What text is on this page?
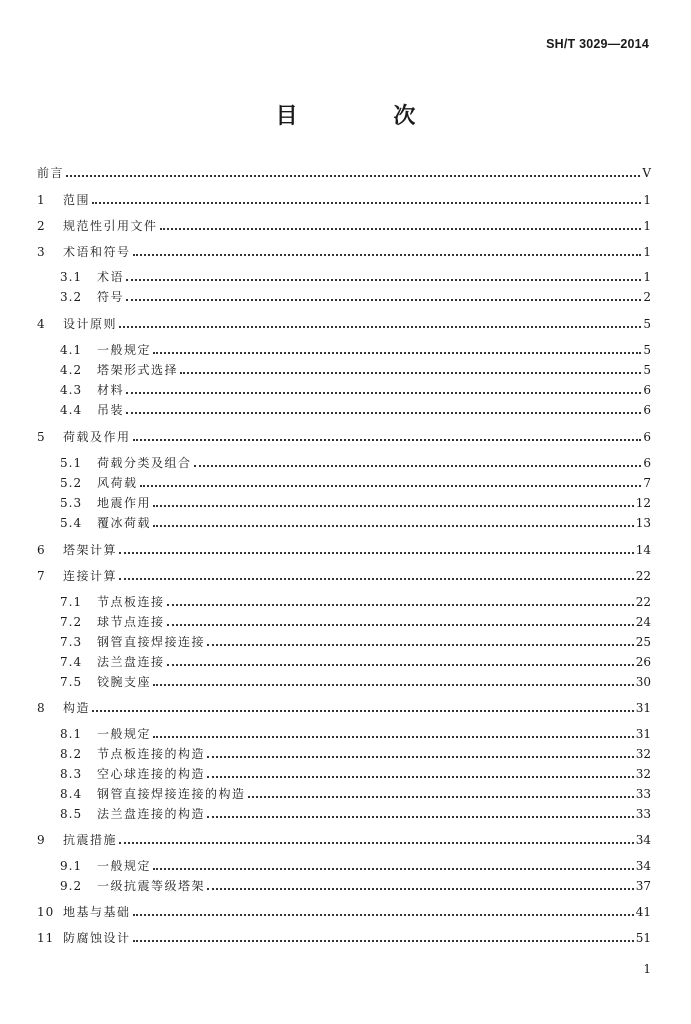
SH/T 3029—2014
目 次
前言	V
1	范围	1
2	规范性引用文件	1
3	术语和符号	1
3.1	术语	1
3.2	符号	2
4	设计原则	5
4.1	一般规定	5
4.2	塔架形式选择	5
4.3	材料	6
4.4	吊装	6
5	荷载及作用	6
5.1	荷载分类及组合	6
5.2	风荷载	7
5.3	地震作用	12
5.4	覆冰荷载	13
6	塔架计算	14
7	连接计算	22
7.1	节点板连接	22
7.2	球节点连接	24
7.3	钢管直接焊接连接	25
7.4	法兰盘连接	26
7.5	铰腕支座	30
8	构造	31
8.1	一般规定	31
8.2	节点板连接的构造	32
8.3	空心球连接的构造	32
8.4	钢管直接焊接连接的构造	33
8.5	法兰盘连接的构造	33
9	抗震措施	34
9.1	一般规定	34
9.2	一级抗震等级塔架	37
10 地基与基础	41
11 防腐蚀设计	51
1
